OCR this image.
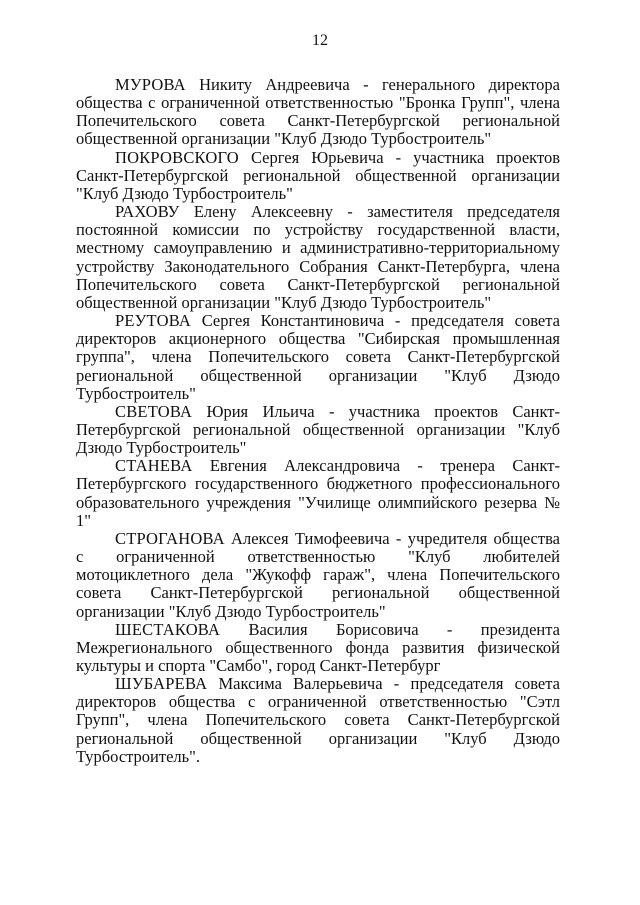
12

МУРОВА Никиту Андреевича - генерального директора общества с ограниченной ответственностью "Бронка Групп", члена Попечительского совета Санкт-Петербургской региональной общественной организации "Клуб Дзюдо Турбостроитель"

ПОКРОВСКОГО Сергея Юрьевича - участника проектов Санкт-Петербургской региональной общественной организации "Клуб Дзюдо Турбостроитель"

РАХОВУ Елену Алексеевну - заместителя председателя постоянной комиссии по устройству государственной власти, местному самоуправлению и административно-территориальному устройству Законодательного Собрания Санкт-Петербурга, члена Попечительского совета Санкт-Петербургской региональной общественной организации "Клуб Дзюдо Турбостроитель"

РЕУТОВА Сергея Константиновича - председателя совета директоров акционерного общества "Сибирская промышленная группа", члена Попечительского совета Санкт-Петербургской региональной общественной организации "Клуб Дзюдо Турбостроитель"

СВЕТОВА Юрия Ильича - участника проектов Санкт-Петербургской региональной общественной организации "Клуб Дзюдо Турбостроитель"

СТАНЕВА Евгения Александровича - тренера Санкт-Петербургского государственного бюджетного профессионального образовательного учреждения "Училище олимпийского резерва № 1"

СТРОГАНОВА Алексея Тимофеевича - учредителя общества с ограниченной ответственностью "Клуб любителей мотоциклетного дела "Жукофф гараж", члена Попечительского совета Санкт-Петербургской региональной общественной организации "Клуб Дзюдо Турбостроитель"

ШЕСТАКОВА Василия Борисовича - президента Межрегионального общественного фонда развития физической культуры и спорта "Самбо", город Санкт-Петербург

ШУБАРЕВА Максима Валерьевича - председателя совета директоров общества с ограниченной ответственностью "Сэтл Групп", члена Попечительского совета Санкт-Петербургской региональной общественной организации "Клуб Дзюдо Турбостроитель".
